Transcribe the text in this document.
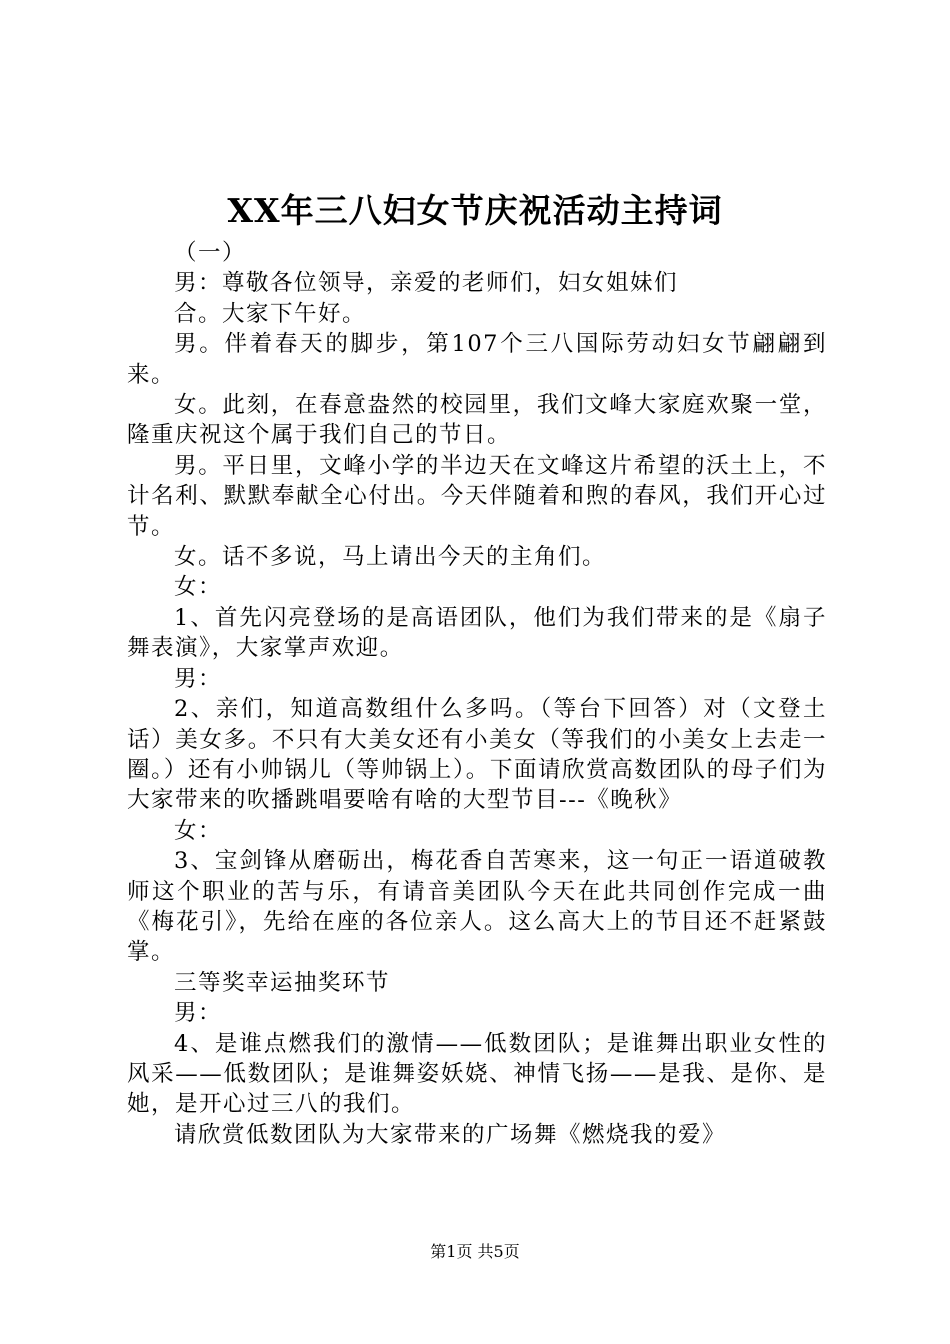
XX年三八妇女节庆祝活动主持词

（一）

男：尊敬各位领导，亲爱的老师们，妇女姐妹们

合。大家下午好。

男。伴着春天的脚步，第107个三八国际劳动妇女节翩翩到来。

女。此刻，在春意盎然的校园里，我们文峰大家庭欢聚一堂，隆重庆祝这个属于我们自己的节日。

男。平日里，文峰小学的半边天在文峰这片希望的沃土上，不计名利、默默奉献全心付出。今天伴随着和煦的春风，我们开心过节。

女。话不多说，马上请出今天的主角们。

女：

1、首先闪亮登场的是高语团队，他们为我们带来的是《扇子舞表演》，大家掌声欢迎。

男：

2、亲们，知道高数组什么多吗。（等台下回答）对（文登土话）美女多。不只有大美女还有小美女（等我们的小美女上去走一圈。）还有小帅锅儿（等帅锅上）。下面请欣赏高数团队的母子们为大家带来的吹播跳唱要啥有啥的大型节目---《晚秋》

女：

3、宝剑锋从磨砺出，梅花香自苦寒来，这一句正一语道破教师这个职业的苦与乐，有请音美团队今天在此共同创作完成一曲《梅花引》，先给在座的各位亲人。这么高大上的节目还不赶紧鼓掌。

三等奖幸运抽奖环节

男：

4、是谁点燃我们的激情——低数团队；是谁舞出职业女性的风采——低数团队；是谁舞姿妖娆、神情飞扬——是我、是你、是她，是开心过三八的我们。

请欣赏低数团队为大家带来的广场舞《燃烧我的爱》

第1页 共5页
